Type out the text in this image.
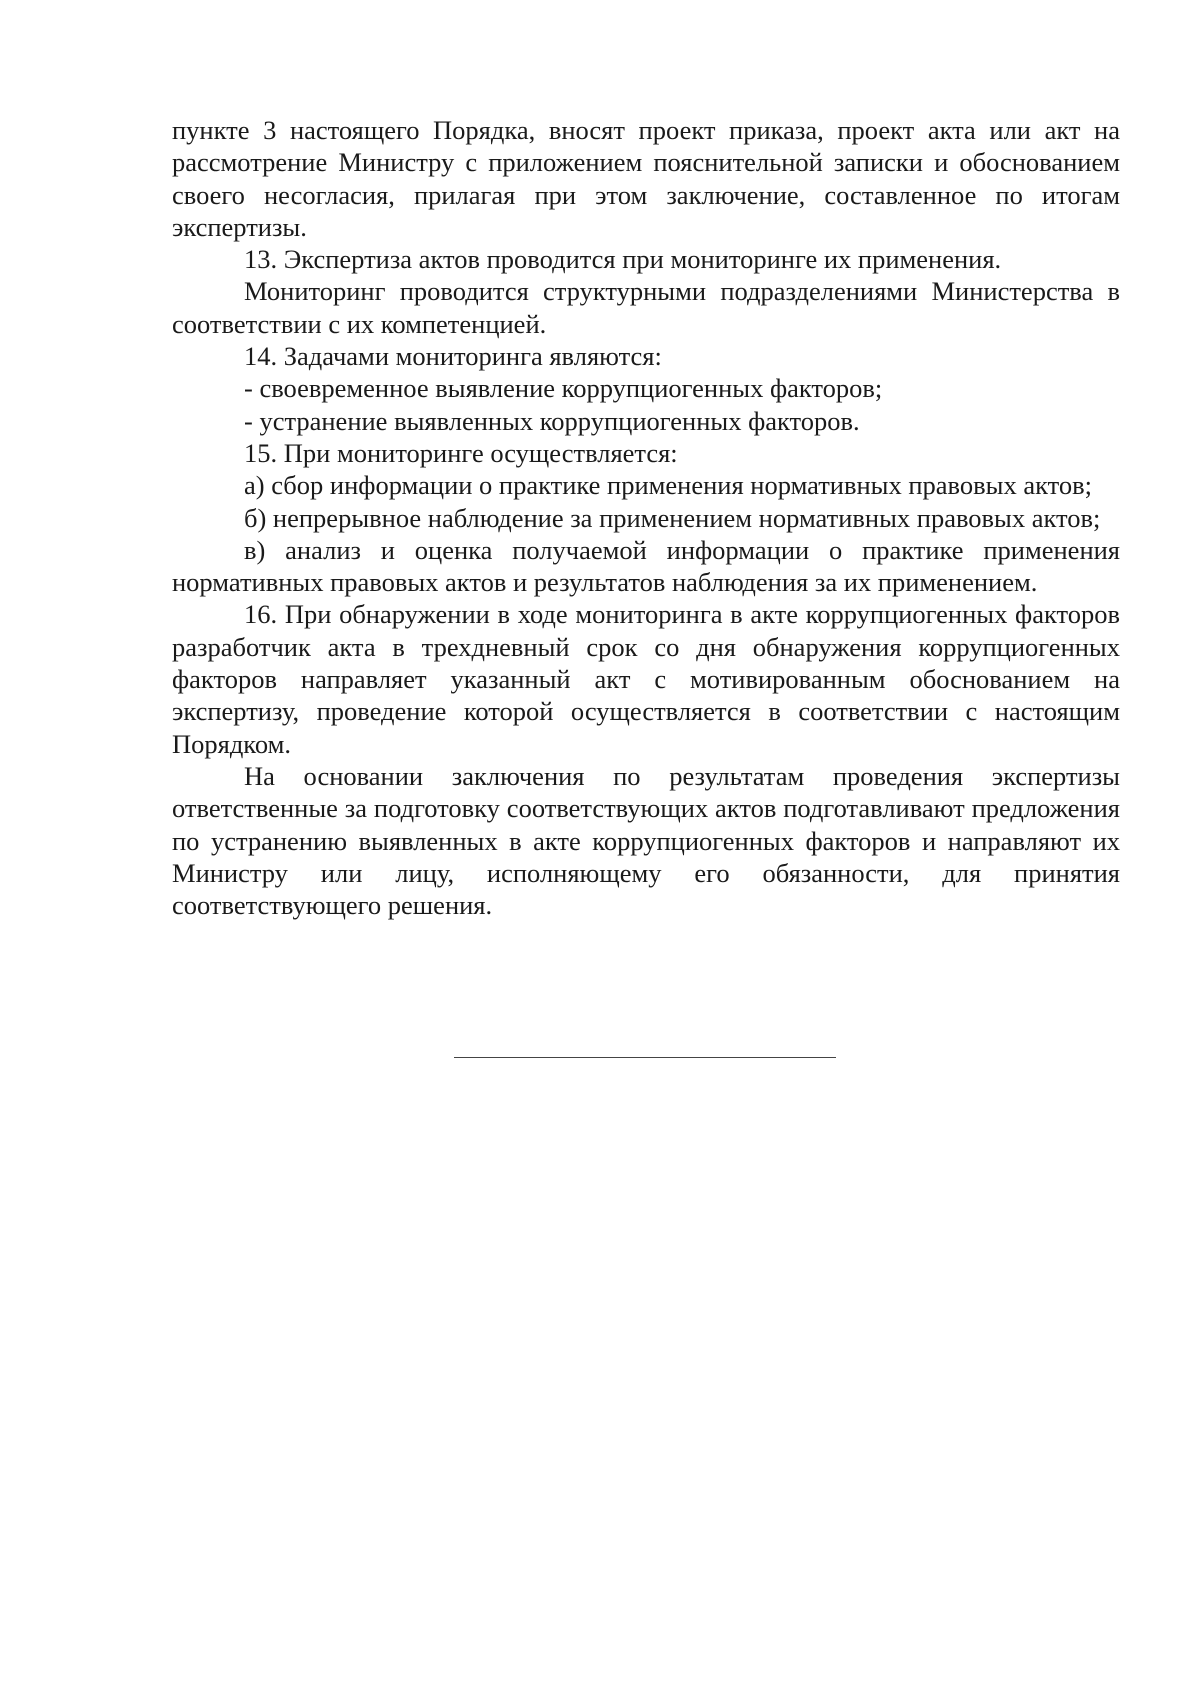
пункте 3 настоящего Порядка, вносят проект приказа, проект акта или акт на рассмотрение Министру с приложением пояснительной записки и обоснованием своего несогласия, прилагая при этом заключение, составленное по итогам экспертизы.

13. Экспертиза актов проводится при мониторинге их применения.

Мониторинг проводится структурными подразделениями Министерства в соответствии с их компетенцией.

14. Задачами мониторинга являются:

- своевременное выявление коррупциогенных факторов;

- устранение выявленных коррупциогенных факторов.

15. При мониторинге осуществляется:

а) сбор информации о практике применения нормативных правовых актов;

б) непрерывное наблюдение за применением нормативных правовых актов;

в) анализ и оценка получаемой информации о практике применения нормативных правовых актов и результатов наблюдения за их применением.

16. При обнаружении в ходе мониторинга в акте коррупциогенных факторов разработчик акта в трехдневный срок со дня обнаружения коррупциогенных факторов направляет указанный акт с мотивированным обоснованием на экспертизу, проведение которой осуществляется в соответствии с настоящим Порядком.

На основании заключения по результатам проведения экспертизы ответственные за подготовку соответствующих актов подготавливают предложения по устранению выявленных в акте коррупциогенных факторов и направляют их Министру или лицу, исполняющему его обязанности, для принятия соответствующего решения.
